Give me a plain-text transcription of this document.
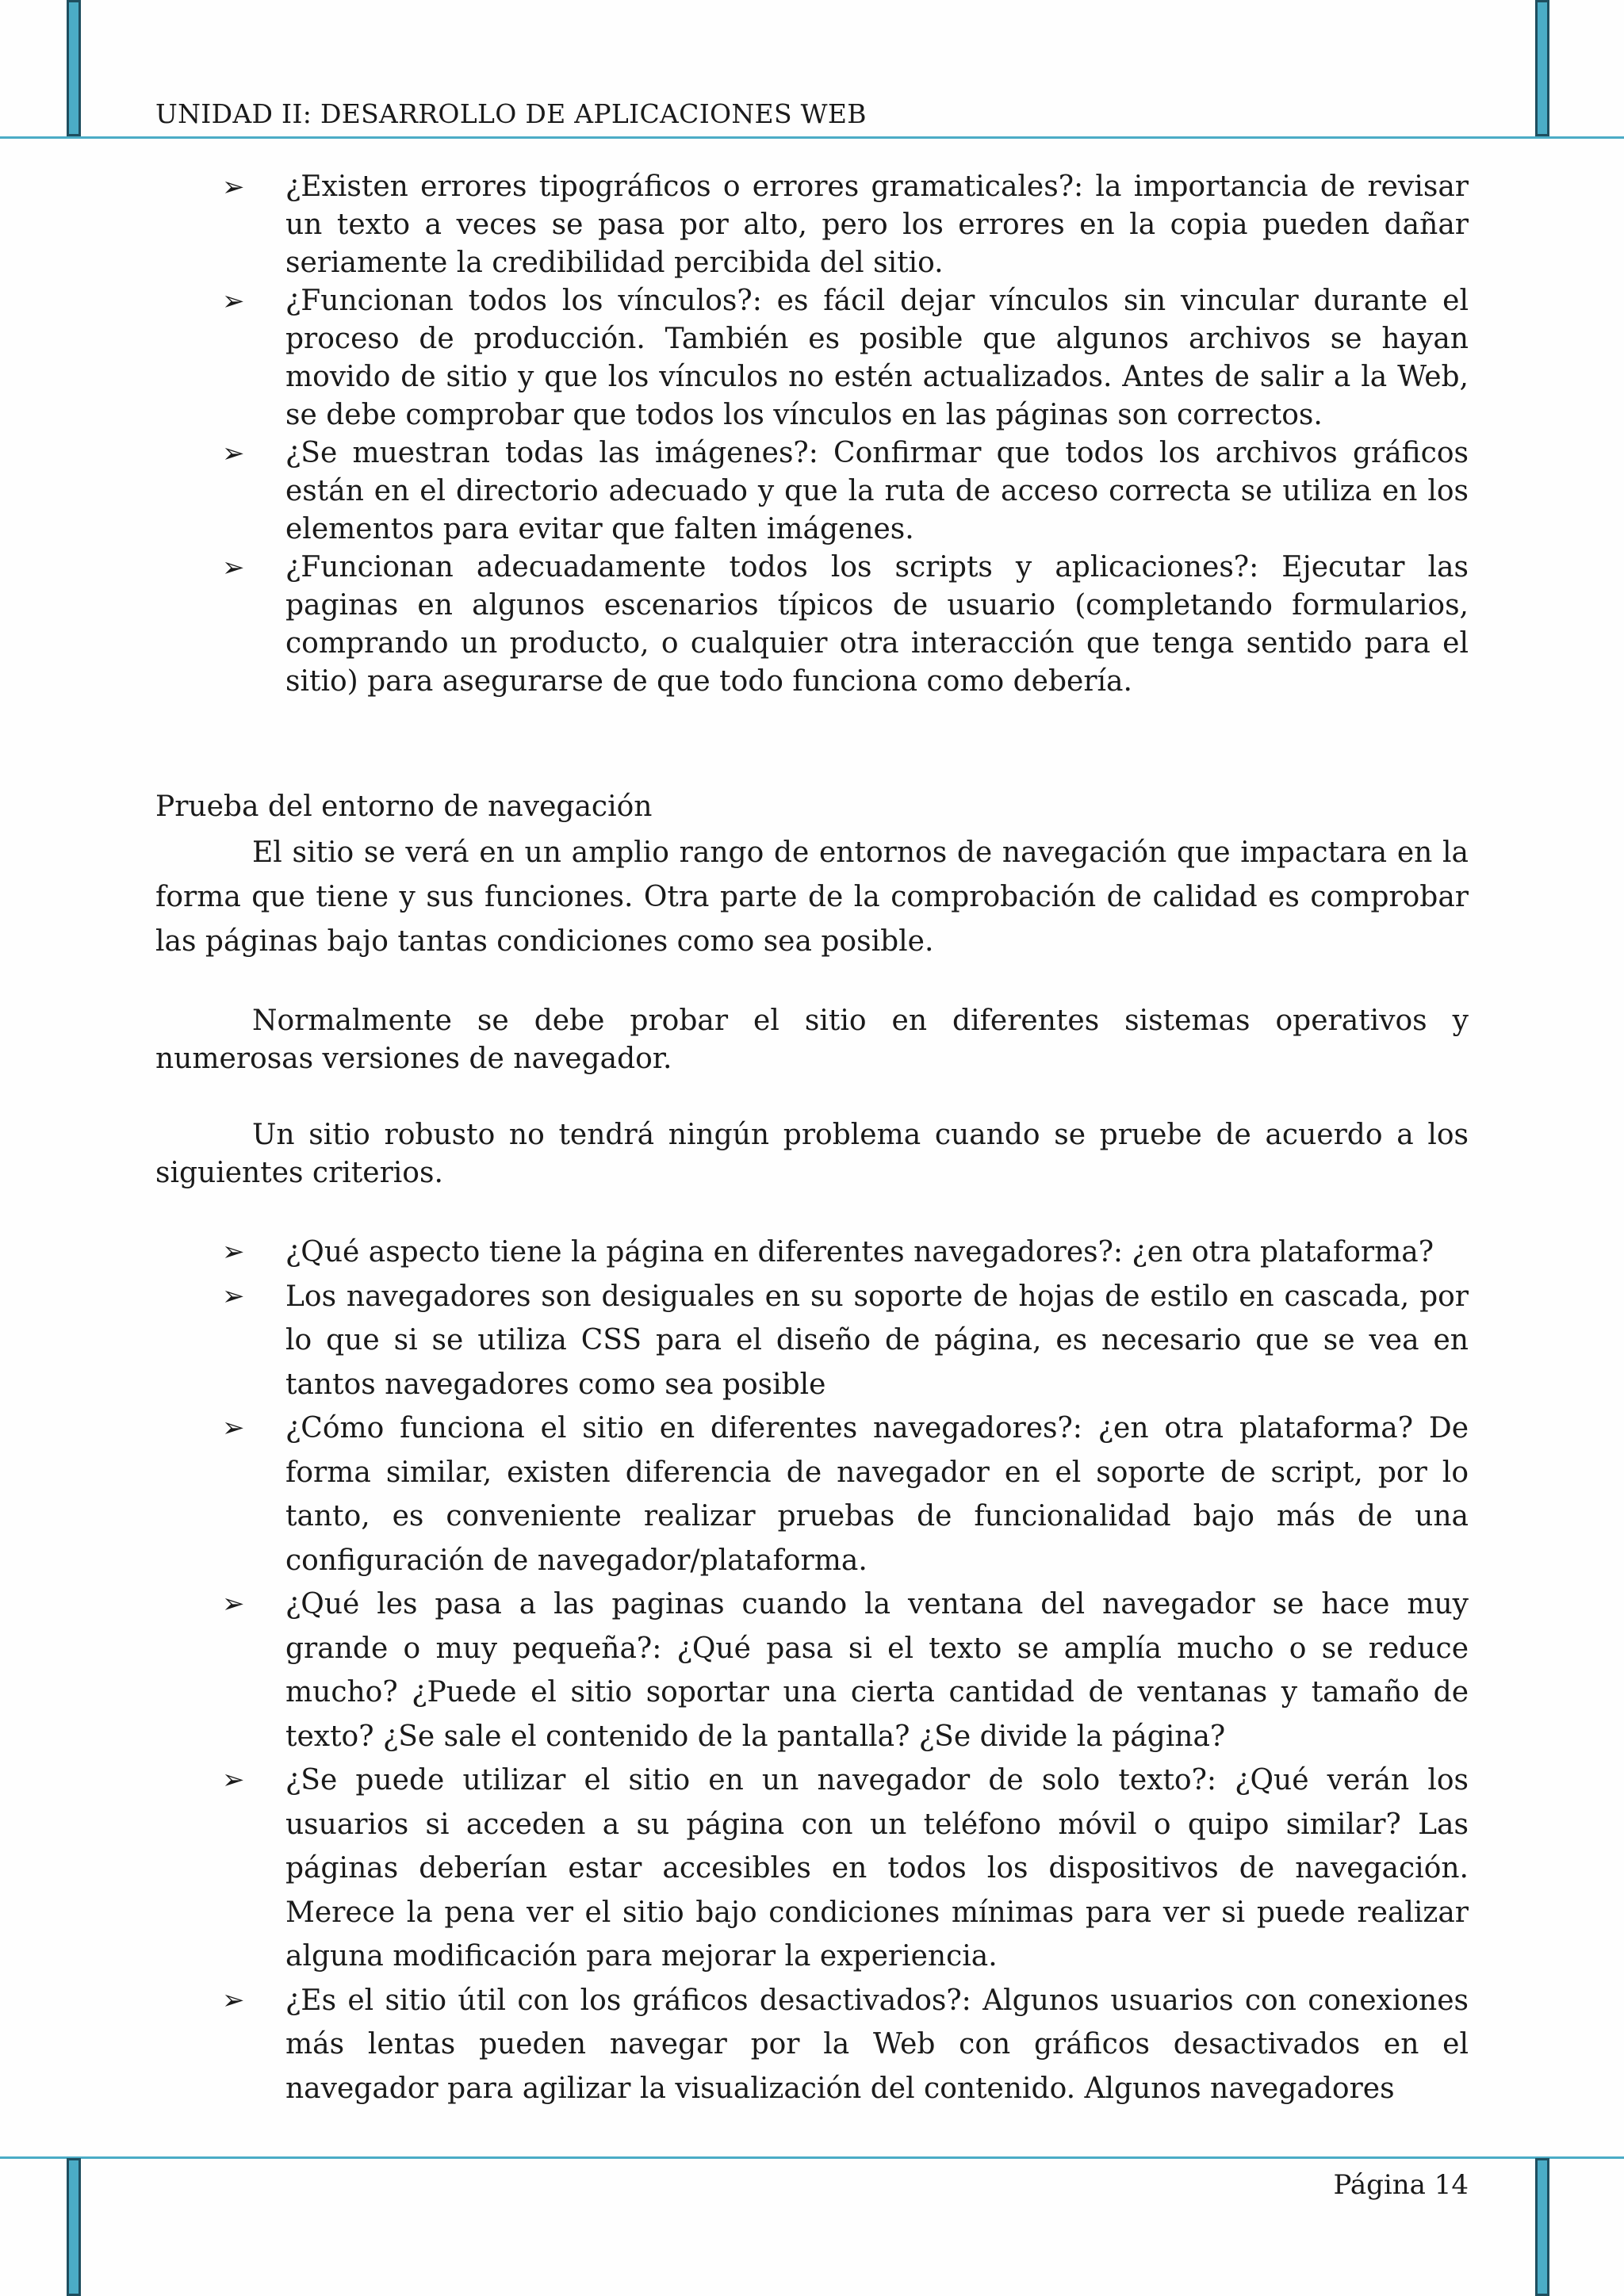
UNIDAD II: DESARROLLO DE APLICACIONES WEB
➢ ¿Existen errores tipográficos o errores gramaticales?: la importancia de revisar un texto a veces se pasa por alto, pero los errores en la copia pueden dañar seriamente la credibilidad percibida del sitio.
➢ ¿Funcionan todos los vínculos?: es fácil dejar vínculos sin vincular durante el proceso de producción. También es posible que algunos archivos se hayan movido de sitio y que los vínculos no estén actualizados. Antes de salir a la Web, se debe comprobar que todos los vínculos en las páginas son correctos.
➢ ¿Se muestran todas las imágenes?: Confirmar que todos los archivos gráficos están en el directorio adecuado y que la ruta de acceso correcta se utiliza en los elementos para evitar que falten imágenes.
➢ ¿Funcionan adecuadamente todos los scripts y aplicaciones?: Ejecutar las paginas en algunos escenarios típicos de usuario (completando formularios, comprando un producto, o cualquier otra interacción que tenga sentido para el sitio) para asegurarse de que todo funciona como debería.

Prueba del entorno de navegación

El sitio se verá en un amplio rango de entornos de navegación que impactara en la forma que tiene y sus funciones. Otra parte de la comprobación de calidad es comprobar las páginas bajo tantas condiciones como sea posible.

Normalmente se debe probar el sitio en diferentes sistemas operativos y numerosas versiones de navegador.

Un sitio robusto no tendrá ningún problema cuando se pruebe de acuerdo a los siguientes criterios.

➢ ¿Qué aspecto tiene la página en diferentes navegadores?: ¿en otra plataforma?
➢ Los navegadores son desiguales en su soporte de hojas de estilo en cascada, por lo que si se utiliza CSS para el diseño de página, es necesario que se vea en tantos navegadores como sea posible
➢ ¿Cómo funciona el sitio en diferentes navegadores?: ¿en otra plataforma? De forma similar, existen diferencia de navegador en el soporte de script, por lo tanto, es conveniente realizar pruebas de funcionalidad bajo más de una configuración de navegador/plataforma.
➢ ¿Qué les pasa a las paginas cuando la ventana del navegador se hace muy grande o muy pequeña?: ¿Qué pasa si el texto se amplía mucho o se reduce mucho? ¿Puede el sitio soportar una cierta cantidad de ventanas y tamaño de texto? ¿Se sale el contenido de la pantalla? ¿Se divide la página?
➢ ¿Se puede utilizar el sitio en un navegador de solo texto?: ¿Qué verán los usuarios si acceden a su página con un teléfono móvil o quipo similar? Las páginas deberían estar accesibles en todos los dispositivos de navegación. Merece la pena ver el sitio bajo condiciones mínimas para ver si puede realizar alguna modificación para mejorar la experiencia.
➢ ¿Es el sitio útil con los gráficos desactivados?: Algunos usuarios con conexiones más lentas pueden navegar por la Web con gráficos desactivados en el navegador para agilizar la visualización del contenido. Algunos navegadores
Página 14
